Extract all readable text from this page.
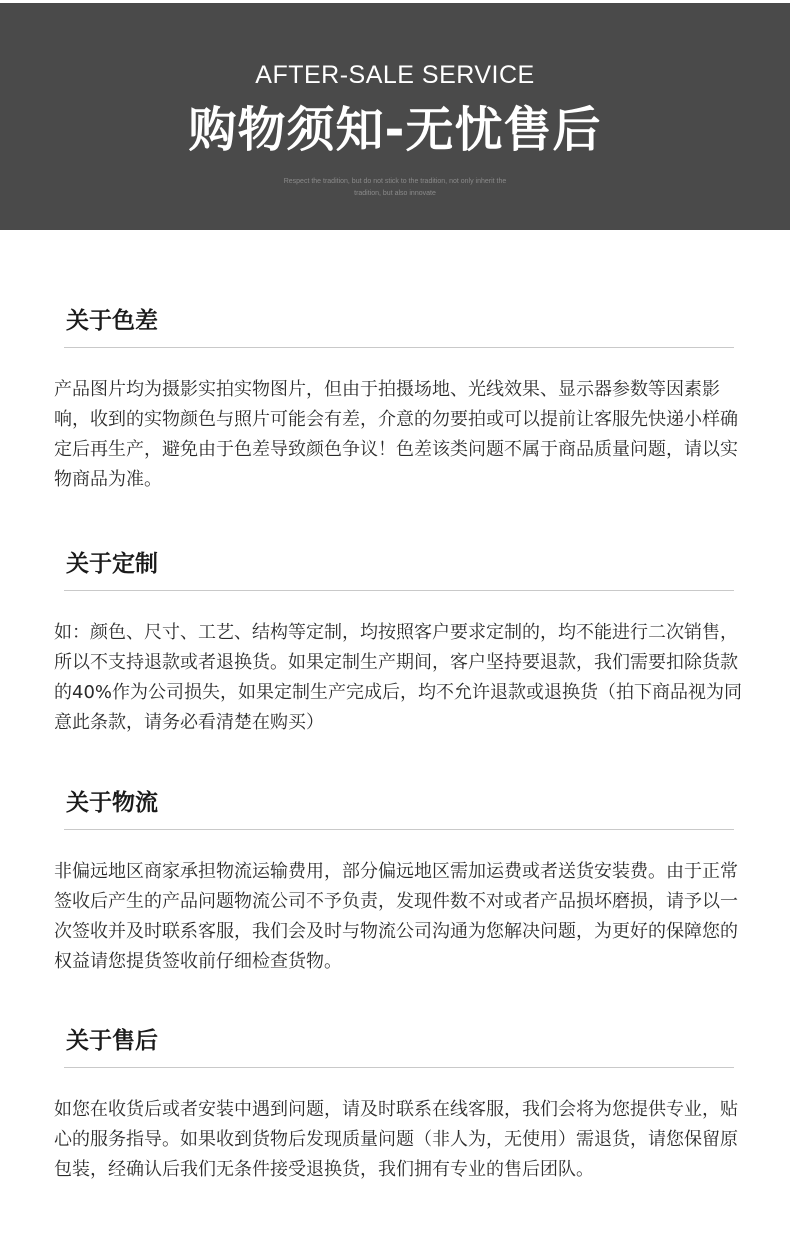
AFTER-SALE SERVICE
购物须知-无忧售后
Respect the tradition, but do not stick to the tradition, not only inherit the
tradition, but also innovate
关于色差

产品图片均为摄影实拍实物图片，但由于拍摄场地、光线效果、显示器参数等因素影响，收到的实物颜色与照片可能会有差，介意的勿要拍或可以提前让客服先快递小样确定后再生产，避免由于色差导致颜色争议！色差该类问题不属于商品质量问题，请以实物商品为准。

关于定制

如：颜色、尺寸、工艺、结构等定制，均按照客户要求定制的，均不能进行二次销售，所以不支持退款或者退换货。如果定制生产期间，客户坚持要退款，我们需要扣除货款的40%作为公司损失，如果定制生产完成后，均不允许退款或退换货（拍下商品视为同意此条款，请务必看清楚在购买）

关于物流

非偏远地区商家承担物流运输费用，部分偏远地区需加运费或者送货安装费。由于正常签收后产生的产品问题物流公司不予负责，发现件数不对或者产品损坏磨损，请予以一次签收并及时联系客服，我们会及时与物流公司沟通为您解决问题，为更好的保障您的权益请您提货签收前仔细检查货物。

关于售后

如您在收货后或者安装中遇到问题，请及时联系在线客服，我们会将为您提供专业，贴心的服务指导。如果收到货物后发现质量问题（非人为，无使用）需退货，请您保留原包装，经确认后我们无条件接受退换货，我们拥有专业的售后团队。
